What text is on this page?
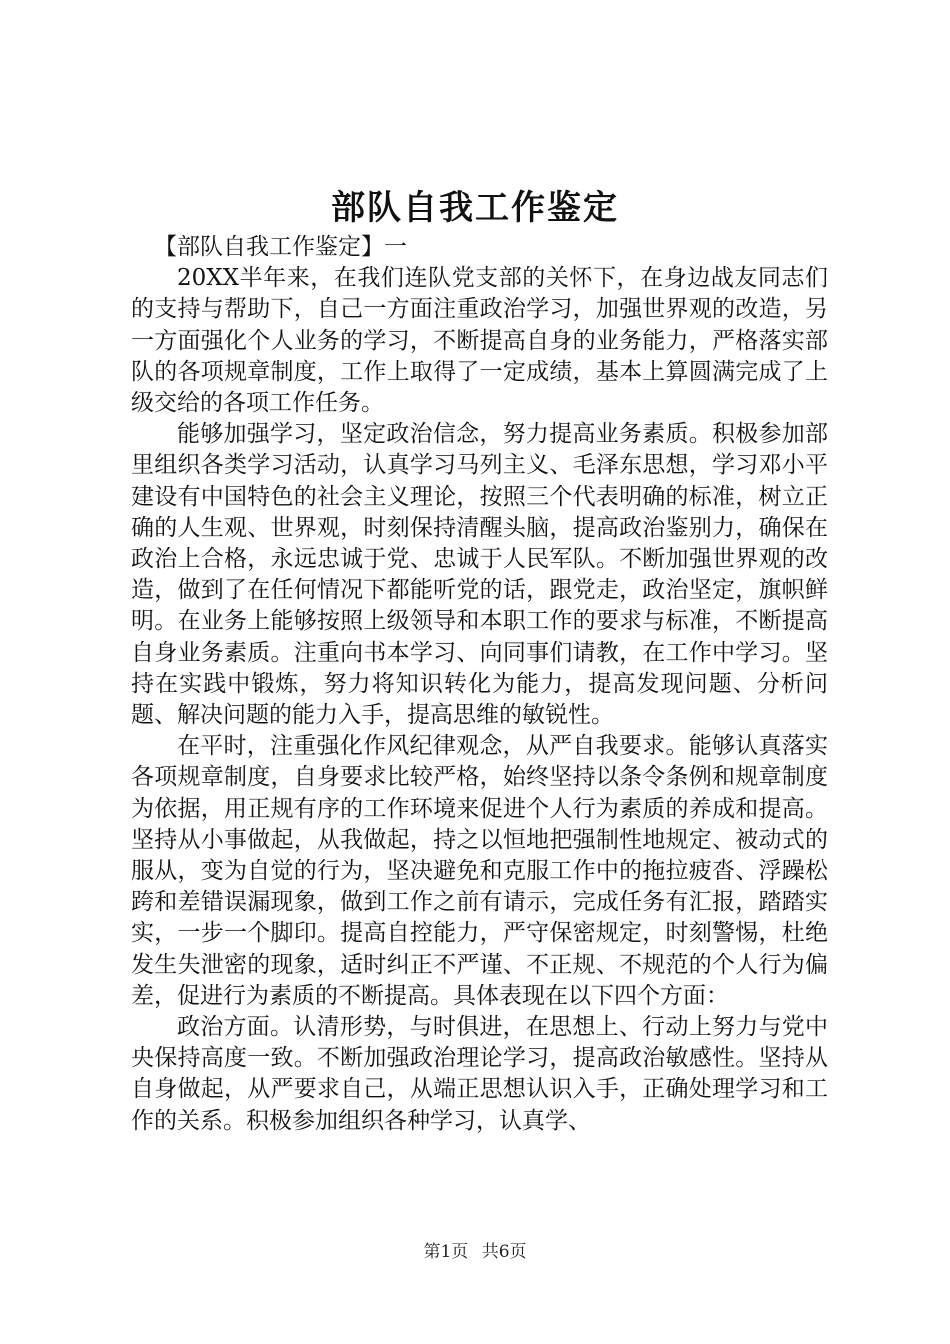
部队自我工作鉴定

【部队自我工作鉴定】一

20XX半年来，在我们连队党支部的关怀下，在身边战友同志们的支持与帮助下，自己一方面注重政治学习，加强世界观的改造，另一方面强化个人业务的学习，不断提高自身的业务能力，严格落实部队的各项规章制度，工作上取得了一定成绩，基本上算圆满完成了上级交给的各项工作任务。

能够加强学习，坚定政治信念，努力提高业务素质。积极参加部里组织各类学习活动，认真学习马列主义、毛泽东思想，学习邓小平建设有中国特色的社会主义理论，按照三个代表明确的标准，树立正确的人生观、世界观，时刻保持清醒头脑，提高政治鉴别力，确保在政治上合格，永远忠诚于党、忠诚于人民军队。不断加强世界观的改造，做到了在任何情况下都能听党的话，跟党走，政治坚定，旗帜鲜明。在业务上能够按照上级领导和本职工作的要求与标准，不断提高自身业务素质。注重向书本学习、向同事们请教，在工作中学习。坚持在实践中锻炼，努力将知识转化为能力，提高发现问题、分析问题、解决问题的能力入手，提高思维的敏锐性。

在平时，注重强化作风纪律观念，从严自我要求。能够认真落实各项规章制度，自身要求比较严格，始终坚持以条令条例和规章制度为依据，用正规有序的工作环境来促进个人行为素质的养成和提高。坚持从小事做起，从我做起，持之以恒地把强制性地规定、被动式的服从，变为自觉的行为，坚决避免和克服工作中的拖拉疲沓、浮躁松跨和差错误漏现象，做到工作之前有请示，完成任务有汇报，踏踏实实，一步一个脚印。提高自控能力，严守保密规定，时刻警惕，杜绝发生失泄密的现象，适时纠正不严谨、不正规、不规范的个人行为偏差，促进行为素质的不断提高。具体表现在以下四个方面：

政治方面。认清形势，与时俱进，在思想上、行动上努力与党中央保持高度一致。不断加强政治理论学习，提高政治敏感性。坚持从自身做起，从严要求自己，从端正思想认识入手，正确处理学习和工作的关系。积极参加组织各种学习，认真学、

第1页 共6页
